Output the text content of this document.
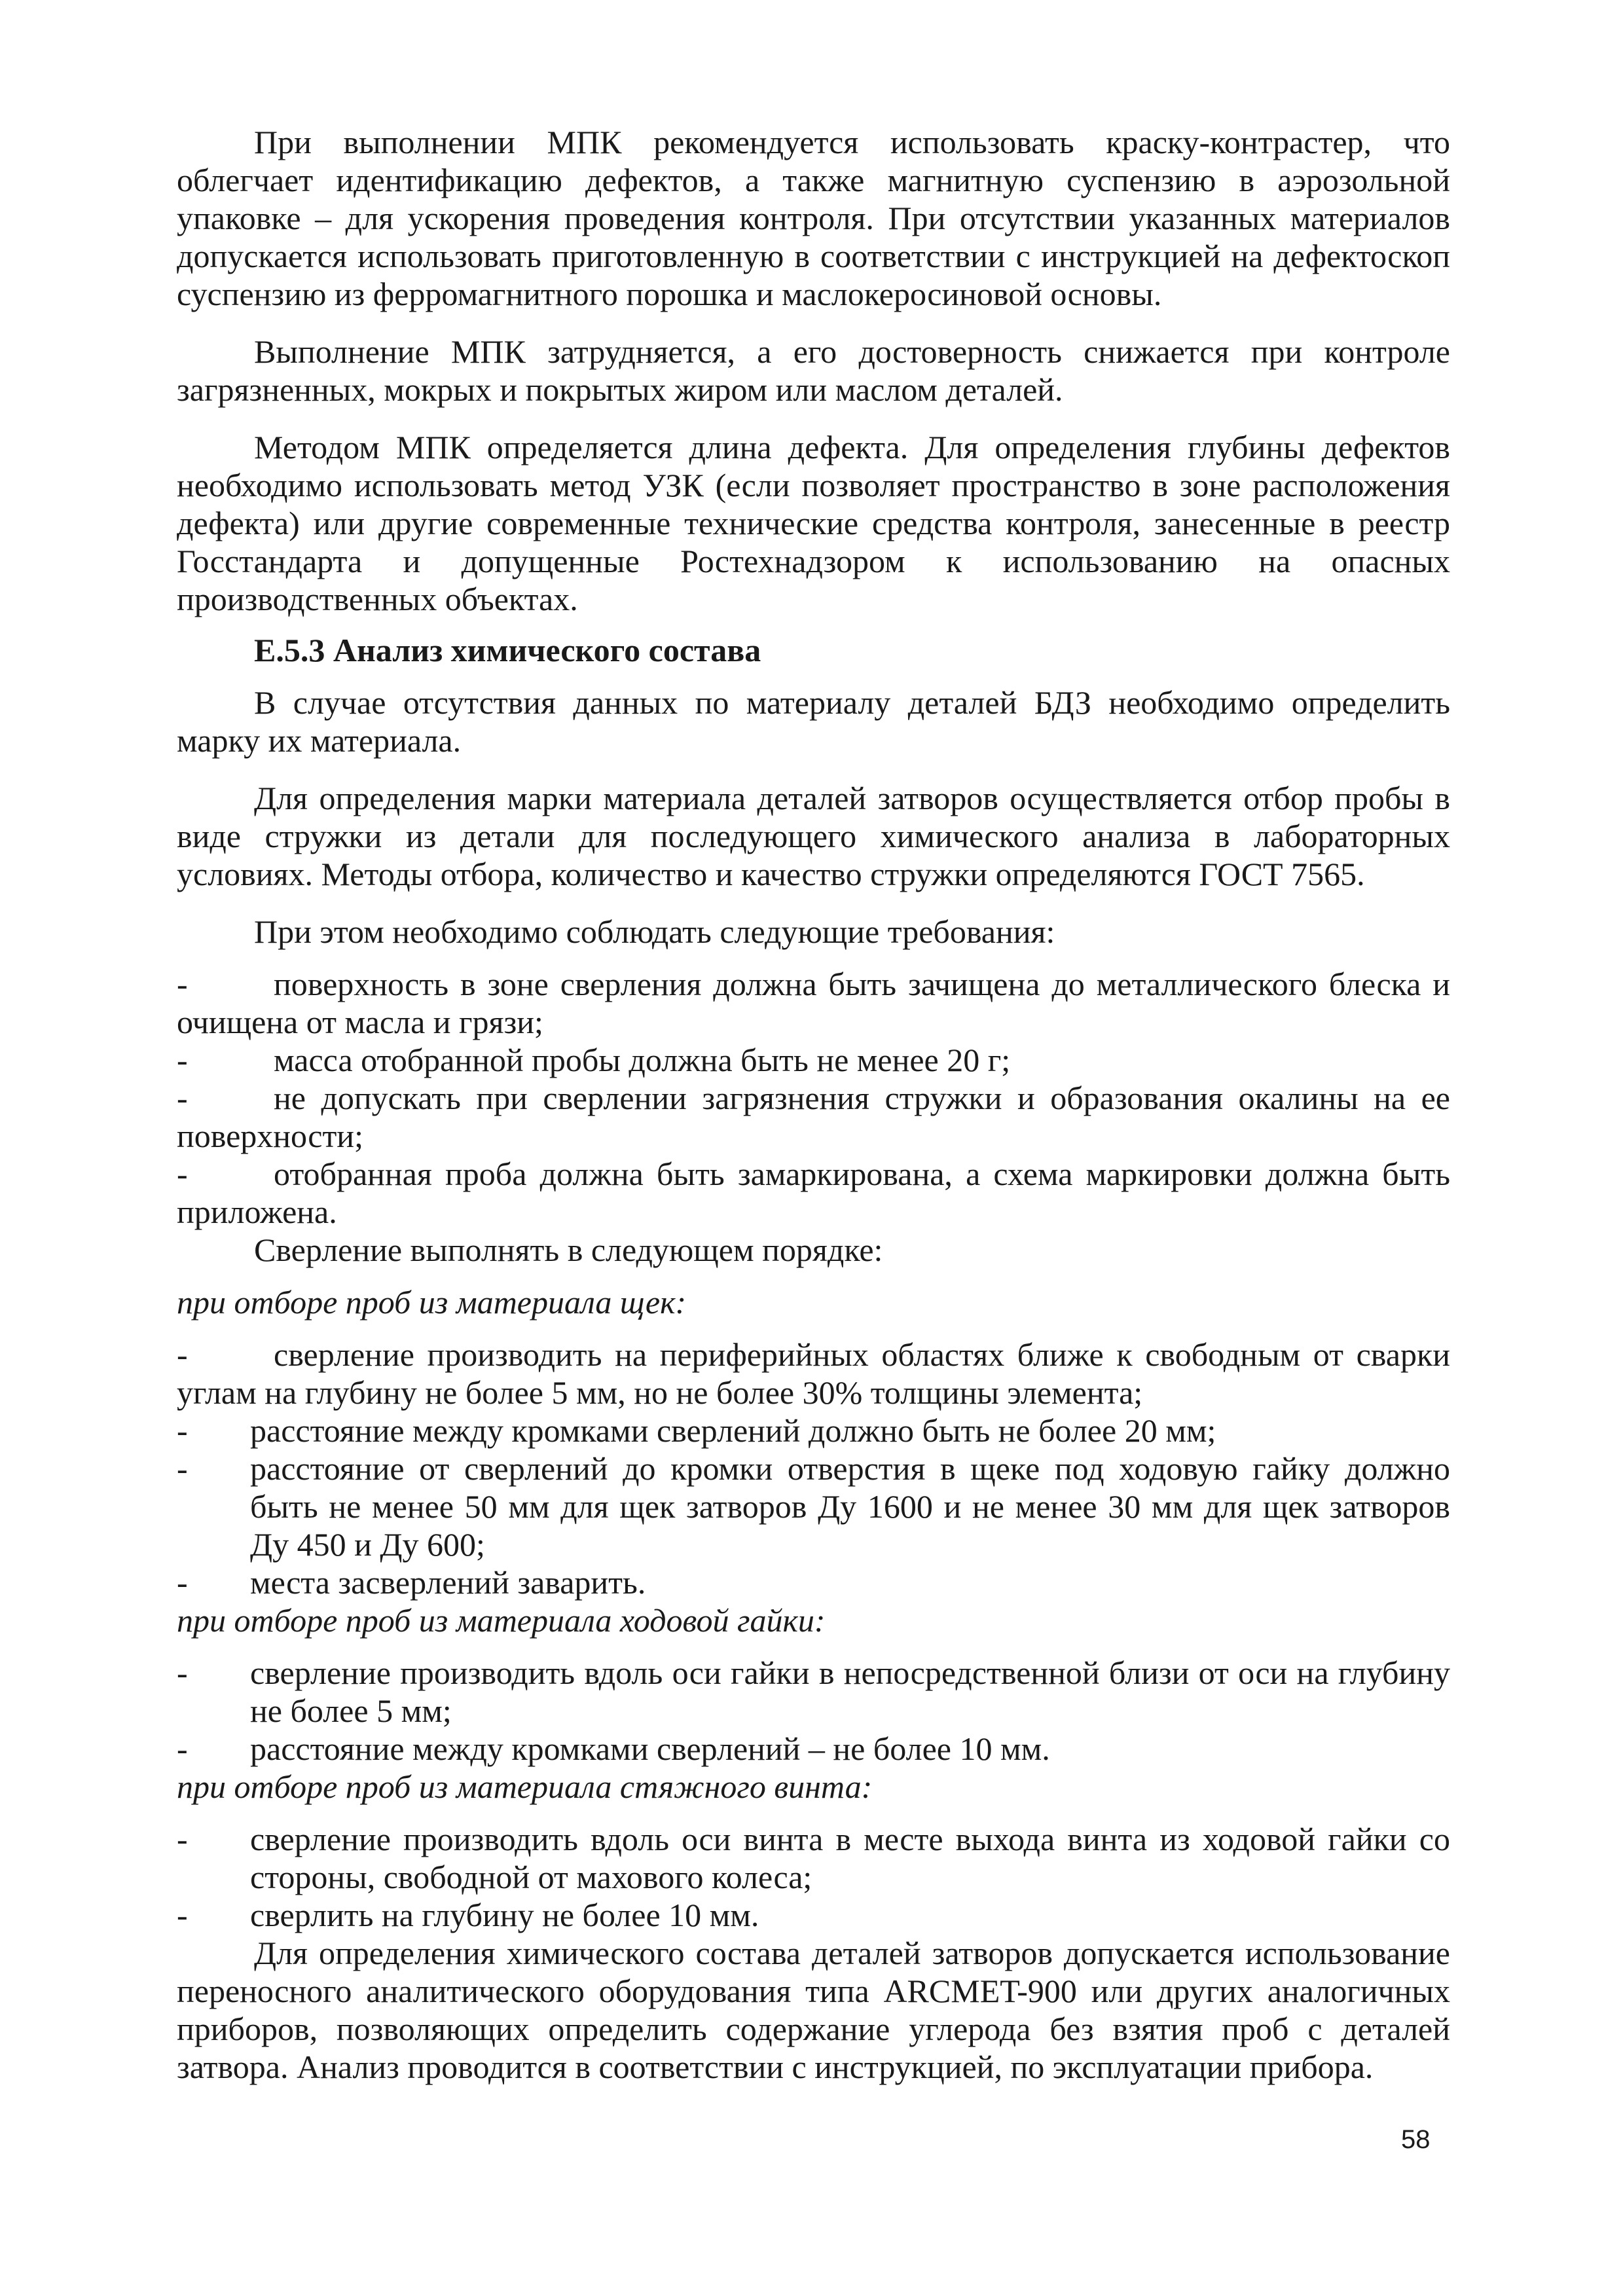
При выполнении МПК рекомендуется использовать краску-контрастер, что облегчает идентификацию дефектов, а также магнитную суспензию в аэрозольной упаковке – для ускорения проведения контроля. При отсутствии указанных материалов допускается использовать приготовленную в соответствии с инструкцией на дефектоскоп суспензию из ферромагнитного порошка и маслокеросиновой основы.

Выполнение МПК затрудняется, а его достоверность снижается при контроле загрязненных, мокрых и покрытых жиром или маслом деталей.

Методом МПК определяется длина дефекта. Для определения глубины дефектов необходимо использовать метод УЗК (если позволяет пространство в зоне расположения дефекта) или другие современные технические средства контроля, занесенные в реестр Госстандарта и допущенные Ростехнадзором к использованию на опасных производственных объектах.

Е.5.3 Анализ химического состава

В случае отсутствия данных по материалу деталей БДЗ необходимо определить марку их материала.

Для определения марки материала деталей затворов осуществляется отбор пробы в виде стружки из детали для последующего химического анализа в лабораторных условиях. Методы отбора, количество и качество стружки определяются ГОСТ 7565.

При этом необходимо соблюдать следующие требования:

-	поверхность в зоне сверления должна быть зачищена до металлического блеска и очищена от масла и грязи;
-	масса отобранной пробы должна быть не менее 20 г;
-	не допускать при сверлении загрязнения стружки и образования окалины на ее поверхности;
-	отобранная проба должна быть замаркирована, а схема маркировки должна быть приложена.

Сверление выполнять в следующем порядке:

при отборе проб из материала щек:

-	сверление производить на периферийных областях ближе к свободным от сварки углам на глубину не более 5 мм, но не более 30% толщины элемента;
- расстояние между кромками сверлений должно быть не более 20 мм;
- расстояние от сверлений до кромки отверстия в щеке под ходовую гайку должно быть не менее 50 мм для щек затворов Ду 1600 и не менее 30 мм для щек затворов Ду 450 и Ду 600;
- места засверлений заварить.

при отборе проб из материала ходовой гайки:

- сверление производить вдоль оси гайки в непосредственной близи от оси на глубину не более 5 мм;
- расстояние между кромками сверлений – не более 10 мм.

при отборе проб из материала стяжного винта:

- сверление производить вдоль оси винта в месте выхода винта из ходовой гайки со стороны, свободной от махового колеса;
- сверлить на глубину не более 10 мм.

Для определения химического состава деталей затворов допускается использование переносного аналитического оборудования типа ARCMET-900 или других аналогичных приборов, позволяющих определить содержание углерода без взятия проб с деталей затвора. Анализ проводится в соответствии с инструкцией, по эксплуатации прибора.

58
